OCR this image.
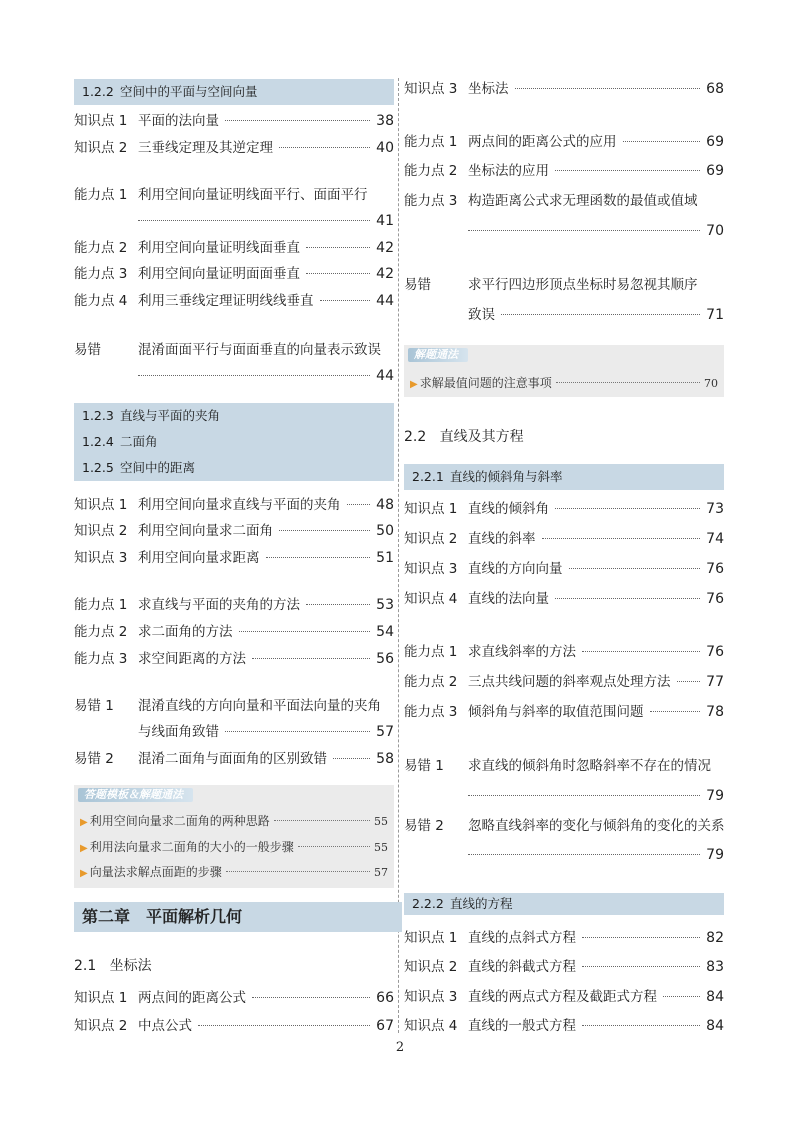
1.2.2 空间中的平面与空间向量
知识点 1 平面的法向量	38
知识点 2 三垂线定理及其逆定理	40
能力点 1 利用空间向量证明线面平行、面面平行
41
能力点 2 利用空间向量证明线面垂直	42
能力点 3 利用空间向量证明面面垂直	42
能力点 4 利用三垂线定理证明线线垂直	44
易错	混淆面面平行与面面垂直的向量表示致误
44
1.2.3 直线与平面的夹角
1.2.4 二面角
1.2.5 空间中的距离
知识点 1 利用空间向量求直线与平面的夹角	48
知识点 2 利用空间向量求二面角	50
知识点 3 利用空间向量求距离	51
能力点 1 求直线与平面的夹角的方法	53
能力点 2 求二面角的方法	54
能力点 3 求空间距离的方法	56
易错 1	混淆直线的方向向量和平面法向量的夹角
与线面角致错	57
易错 2	混淆二面角与面面角的区别致错	58
答题模板＆解题通法
▶ 利用空间向量求二面角的两种思路	55
▶ 利用法向量求二面角的大小的一般步骤	55
▶ 向量法求解点面距的步骤	57
第二章　平面解析几何
2.1 坐标法
知识点 1 两点间的距离公式	66
知识点 2 中点公式	67
知识点 3 坐标法	68
能力点 1 两点间的距离公式的应用	69
能力点 2 坐标法的应用	69
能力点 3 构造距离公式求无理函数的最值或值域
70
易错	求平行四边形顶点坐标时易忽视其顺序
致误	71
解题通法
▶ 求解最值问题的注意事项	70
2.2 直线及其方程
2.2.1 直线的倾斜角与斜率
知识点 1 直线的倾斜角	73
知识点 2 直线的斜率	74
知识点 3 直线的方向向量	76
知识点 4 直线的法向量	76
能力点 1 求直线斜率的方法	76
能力点 2 三点共线问题的斜率观点处理方法	77
能力点 3 倾斜角与斜率的取值范围问题	78
易错 1	求直线的倾斜角时忽略斜率不存在的情况
79
易错 2	忽略直线斜率的变化与倾斜角的变化的关系
79
2.2.2 直线的方程
知识点 1 直线的点斜式方程	82
知识点 2 直线的斜截式方程	83
知识点 3 直线的两点式方程及截距式方程	84
知识点 4 直线的一般式方程	84
2
